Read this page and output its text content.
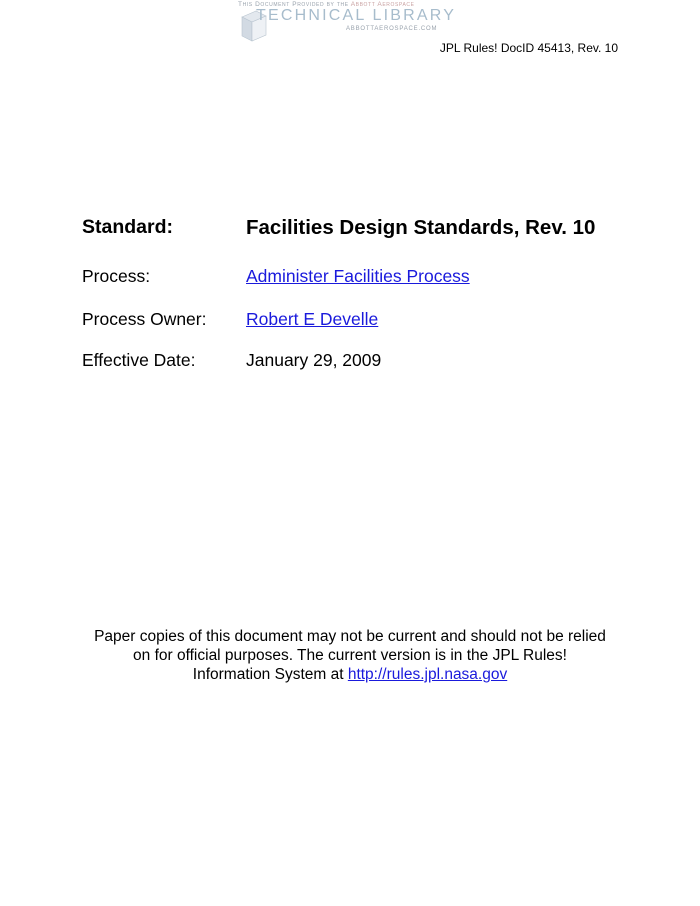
This Document Provided by the Abbott Aerospace
TECHNICAL LIBRARY
ABBOTTAEROSPACE.COM
JPL Rules! DocID 45413, Rev. 10
Standard:	Facilities Design Standards, Rev. 10
Process:	Administer Facilities Process
Process Owner: Robert E Develle
Effective Date:	January 29, 2009
Paper copies of this document may not be current and should not be relied
on for official purposes. The current version is in the JPL Rules!
Information System at http://rules.jpl.nasa.gov
